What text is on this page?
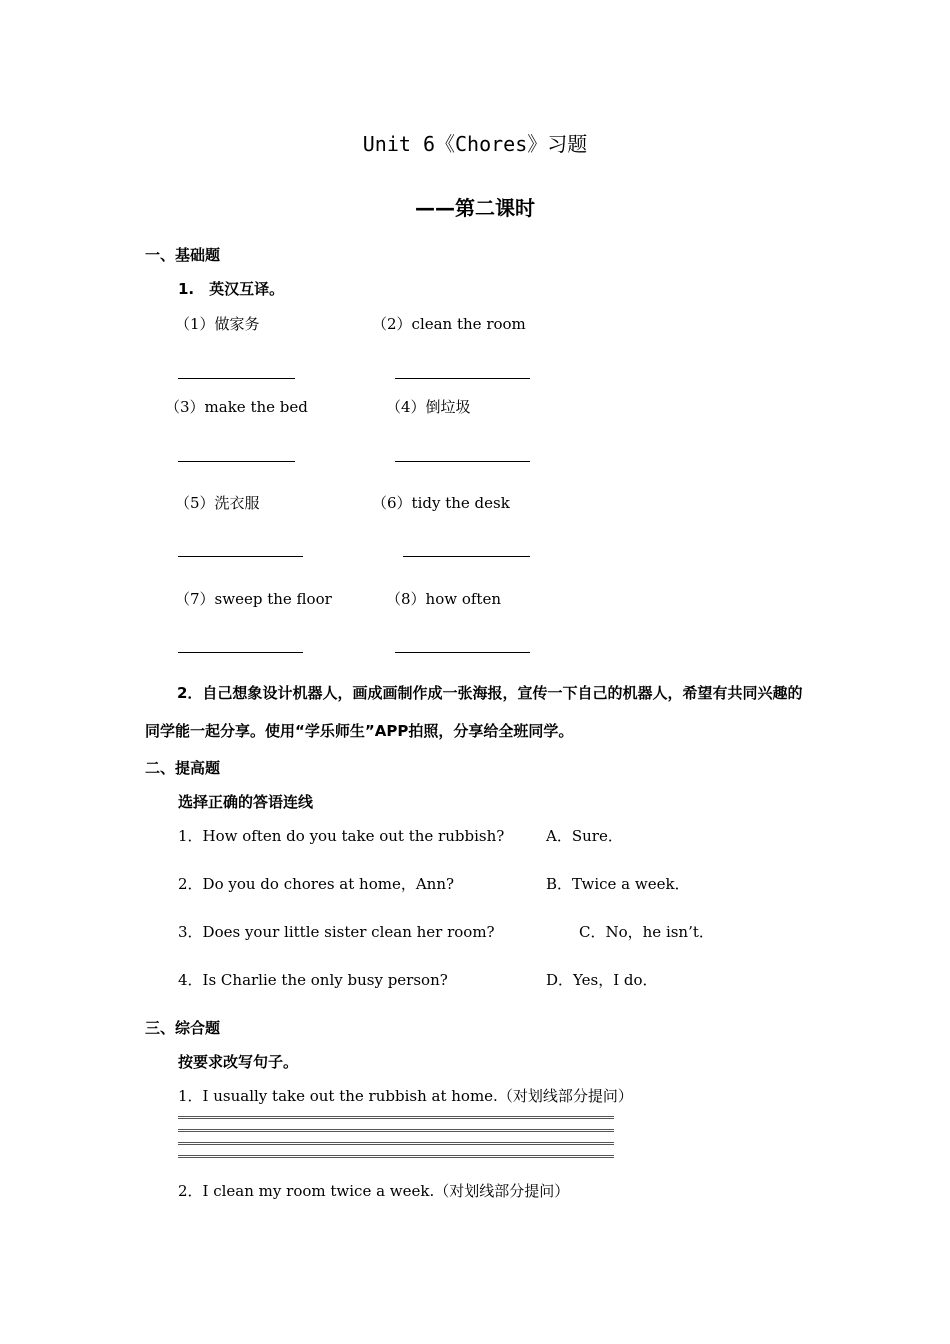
Unit 6《Chores》习题
——第二课时
一、基础题
1.　英汉互译。
（1）做家务	（2）clean the room
（3）make the bed	（4）倒垃圾
（5）洗衣服	（6）tidy the desk
（7）sweep the floor	（8）how often
2．自己想象设计机器人，画成画制作成一张海报，宣传一下自己的机器人，希望有共同兴趣的同学能一起分享。使用“学乐师生”APP拍照，分享给全班同学。
二、提高题
选择正确的答语连线
1．How often do you take out the rubbish?	A．Sure．
2．Do you do chores at home，Ann?	B．Twice a week．
3．Does your little sister clean her room?	C．No，he isn’t．
4．Is Charlie the only busy person?	D．Yes，I do．
三、综合题
按要求改写句子。
1．I usually take out the rubbish at home.（对划线部分提问）
2．I clean my room twice a week.（对划线部分提问）
